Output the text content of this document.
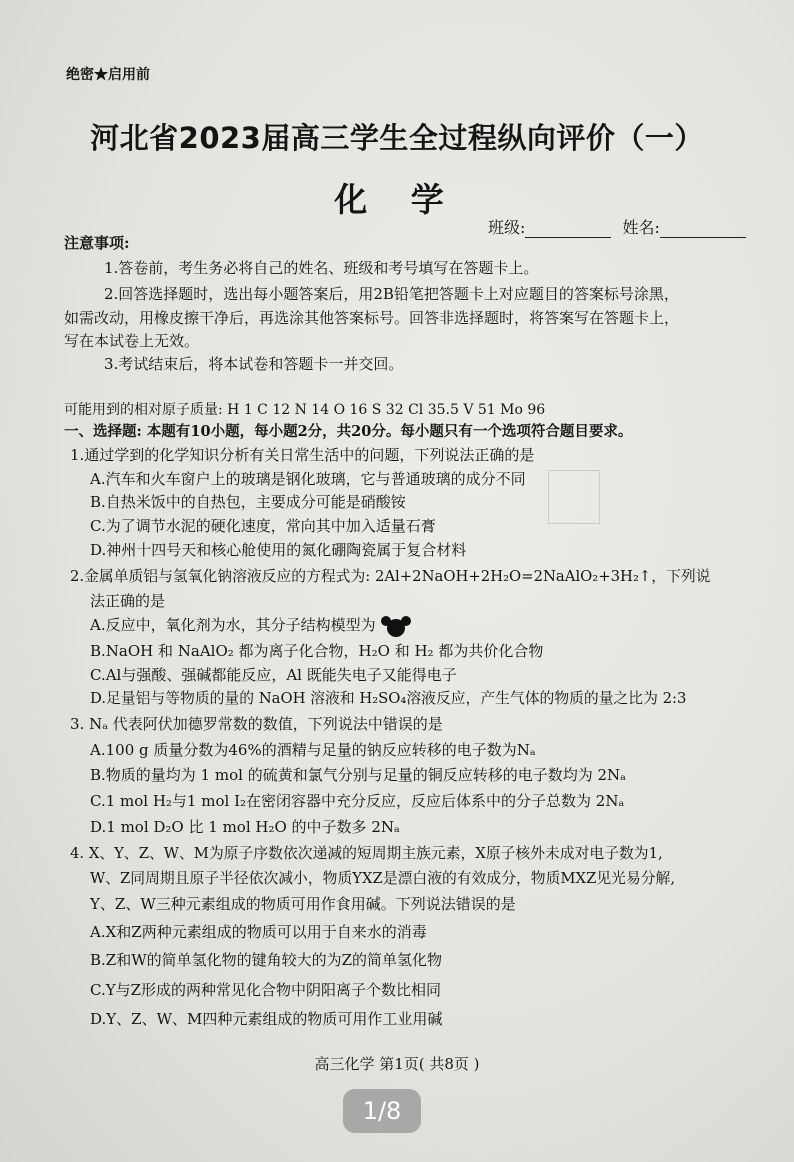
绝密★启用前
河北省2023届高三学生全过程纵向评价（一）
化 学
班级:	姓名:
注意事项:
1.答卷前，考生务必将自己的姓名、班级和考号填写在答题卡上。
2.回答选择题时，选出每小题答案后，用2B铅笔把答题卡上对应题目的答案标号涂黑，
如需改动，用橡皮擦干净后，再选涂其他答案标号。回答非选择题时，将答案写在答题卡上，
写在本试卷上无效。
3.考试结束后，将本试卷和答题卡一并交回。
可能用到的相对原子质量: H 1 C 12 N 14 O 16 S 32 Cl 35.5 V 51 Mo 96
一、选择题: 本题有10小题，每小题2分，共20分。每小题只有一个选项符合题目要求。
1.通过学到的化学知识分析有关日常生活中的问题，下列说法正确的是
A.汽车和火车窗户上的玻璃是钢化玻璃，它与普通玻璃的成分不同
B.自热米饭中的自热包，主要成分可能是硝酸铵
C.为了调节水泥的硬化速度，常向其中加入适量石膏
D.神州十四号天和核心舱使用的氮化硼陶瓷属于复合材料
2.金属单质铝与氢氧化钠溶液反应的方程式为: 2Al+2NaOH+2H₂O=2NaAlO₂+3H₂↑，下列说
法正确的是
A.反应中，氧化剂为水，其分子结构模型为
B.NaOH 和 NaAlO₂ 都为离子化合物，H₂O 和 H₂ 都为共价化合物
C.Al与强酸、强碱都能反应，Al 既能失电子又能得电子
D.足量铝与等物质的量的 NaOH 溶液和 H₂SO₄溶液反应，产生气体的物质的量之比为 2:3
3. Nₐ 代表阿伏加德罗常数的数值，下列说法中错误的是
A.100 g 质量分数为46%的酒精与足量的钠反应转移的电子数为Nₐ
B.物质的量均为 1 mol 的硫黄和氯气分别与足量的铜反应转移的电子数均为 2Nₐ
C.1 mol H₂与1 mol I₂在密闭容器中充分反应，反应后体系中的分子总数为 2Nₐ
D.1 mol D₂O 比 1 mol H₂O 的中子数多 2Nₐ
4. X、Y、Z、W、M为原子序数依次递减的短周期主族元素，X原子核外未成对电子数为1,
W、Z同周期且原子半径依次减小，物质YXZ是漂白液的有效成分，物质MXZ见光易分解,
Y、Z、W三种元素组成的物质可用作食用碱。下列说法错误的是
A.X和Z两种元素组成的物质可以用于自来水的消毒
B.Z和W的简单氢化物的键角较大的为Z的简单氢化物
C.Y与Z形成的两种常见化合物中阴阳离子个数比相同
D.Y、Z、W、M四种元素组成的物质可用作工业用碱
高三化学 第1页( 共8页 )
1/8
